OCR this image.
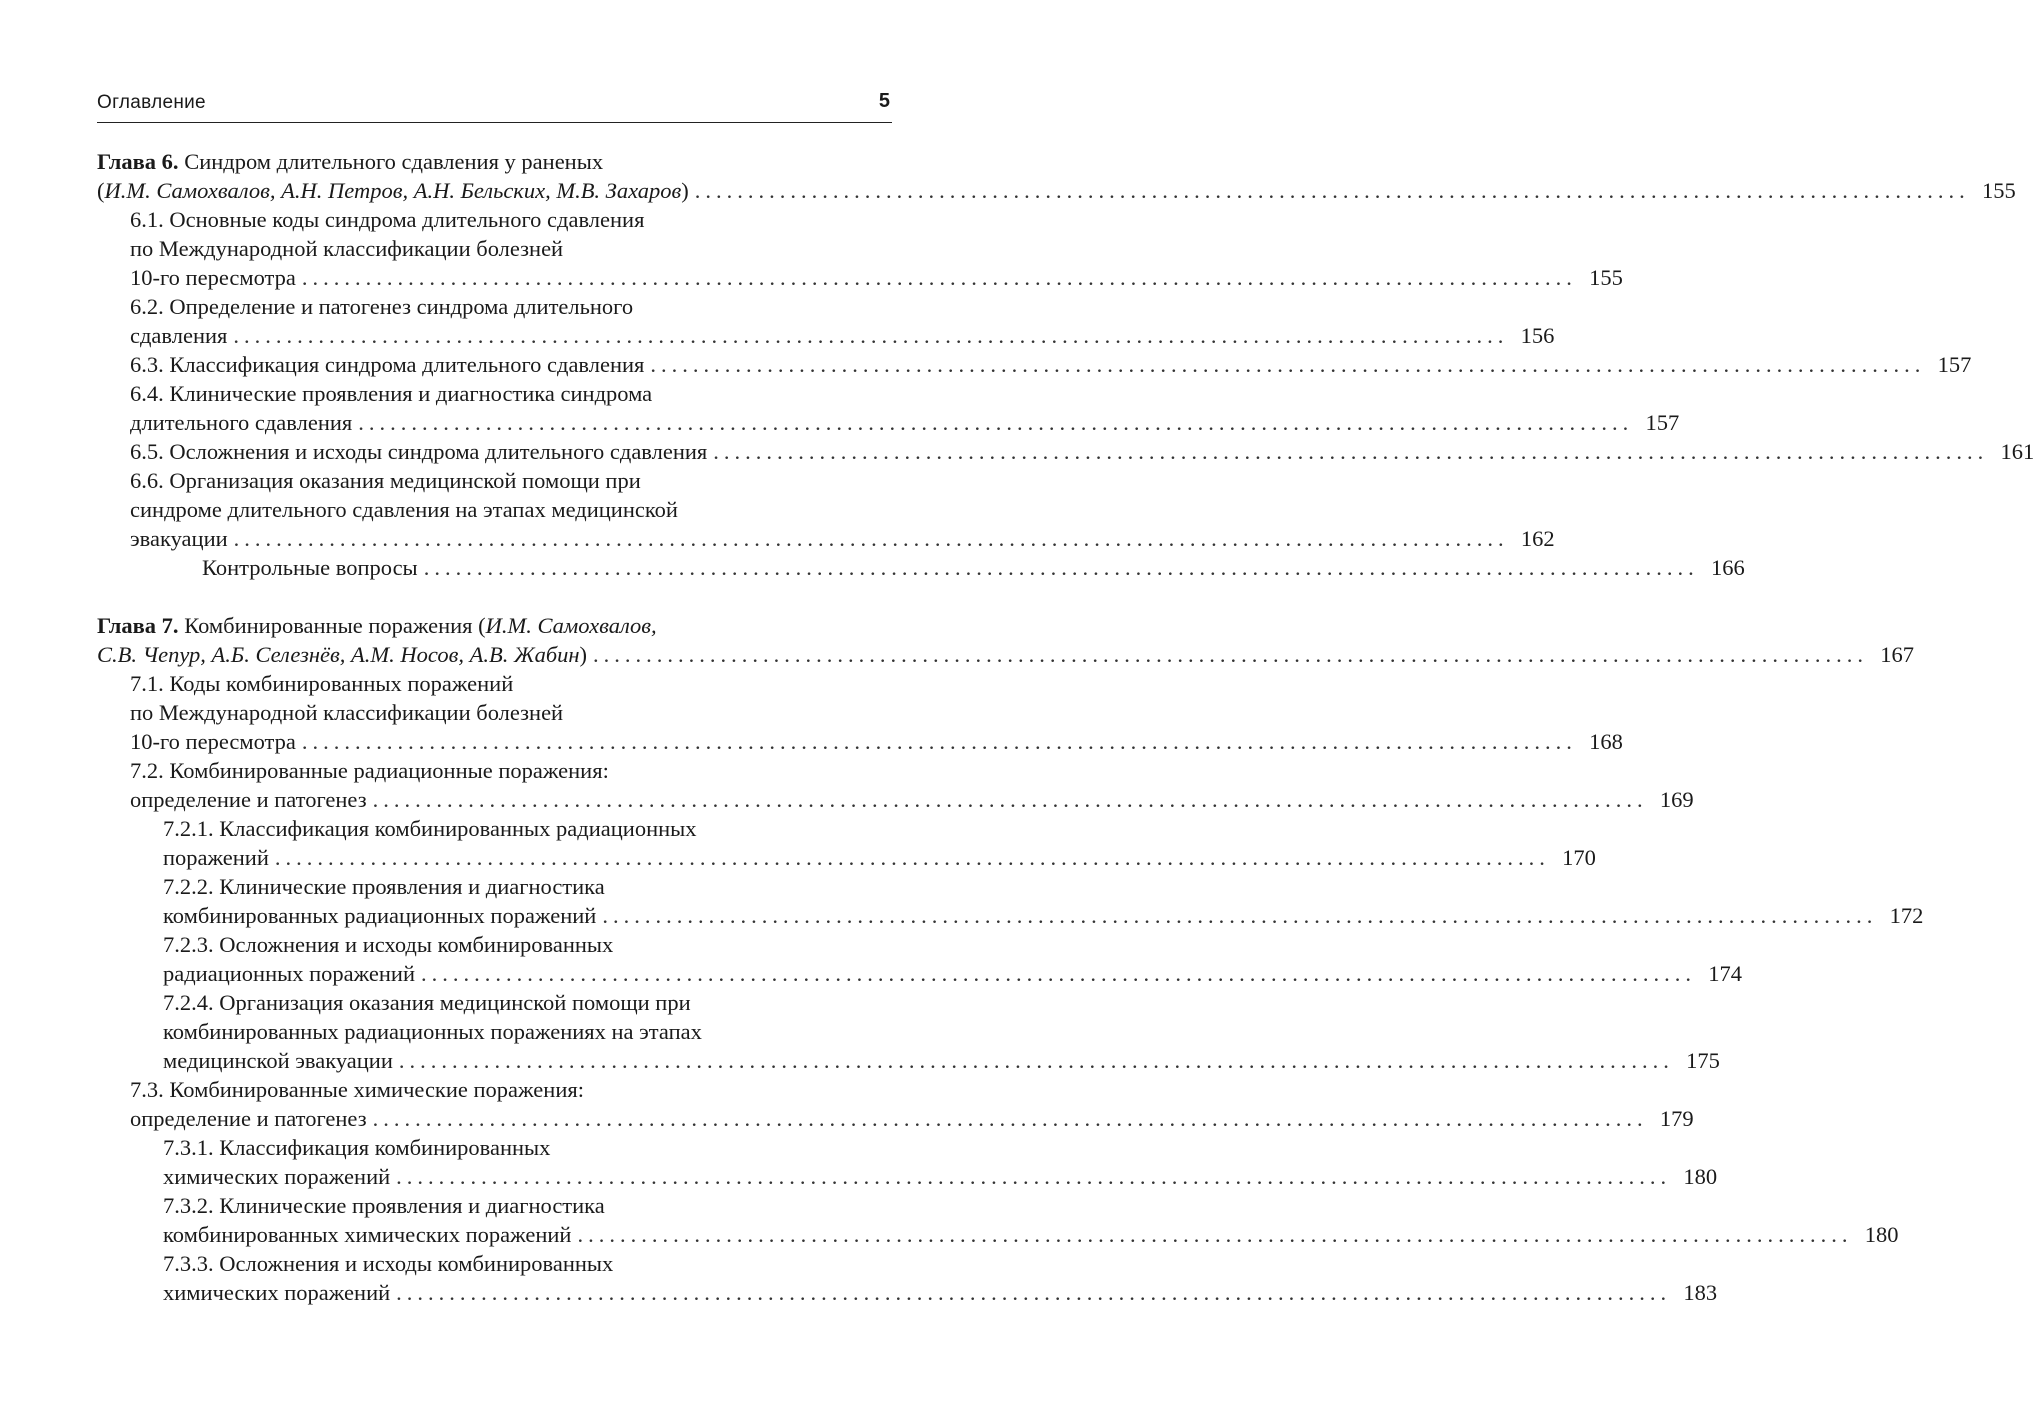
Оглавление	5
Глава 6. Синдром длительного сдавления у раненых
(И.М. Самохвалов, А.Н. Петров, А.Н. Бельских, М.В. Захаров) ........................................................................................................................ 155
6.1. Основные коды синдрома длительного сдавления
по Международной классификации болезней
10-го пересмотра ........................................................................................................................ 155
6.2. Определение и патогенез синдрома длительного
сдавления ........................................................................................................................ 156
6.3. Классификация синдрома длительного сдавления ........................................................................................................................ 157
6.4. Клинические проявления и диагностика синдрома
длительного сдавления ........................................................................................................................ 157
6.5. Осложнения и исходы синдрома длительного сдавления ........................................................................................................................ 161
6.6. Организация оказания медицинской помощи при
синдроме длительного сдавления на этапах медицинской
эвакуации ........................................................................................................................ 162
Контрольные вопросы ........................................................................................................................ 166
Глава 7. Комбинированные поражения (И.М. Самохвалов,
С.В. Чепур, А.Б. Селезнёв, А.М. Носов, А.В. Жабин) ........................................................................................................................ 167
7.1. Коды комбинированных поражений
по Международной классификации болезней
10-го пересмотра ........................................................................................................................ 168
7.2. Комбинированные радиационные поражения:
определение и патогенез ........................................................................................................................ 169
7.2.1. Классификация комбинированных радиационных
поражений ........................................................................................................................ 170
7.2.2. Клинические проявления и диагностика
комбинированных радиационных поражений ........................................................................................................................ 172
7.2.3. Осложнения и исходы комбинированных
радиационных поражений ........................................................................................................................ 174
7.2.4. Организация оказания медицинской помощи при
комбинированных радиационных поражениях на этапах
медицинской эвакуации ........................................................................................................................ 175
7.3. Комбинированные химические поражения:
определение и патогенез ........................................................................................................................ 179
7.3.1. Классификация комбинированных
химических поражений ........................................................................................................................ 180
7.3.2. Клинические проявления и диагностика
комбинированных химических поражений ........................................................................................................................ 180
7.3.3. Осложнения и исходы комбинированных
химических поражений ........................................................................................................................ 183
